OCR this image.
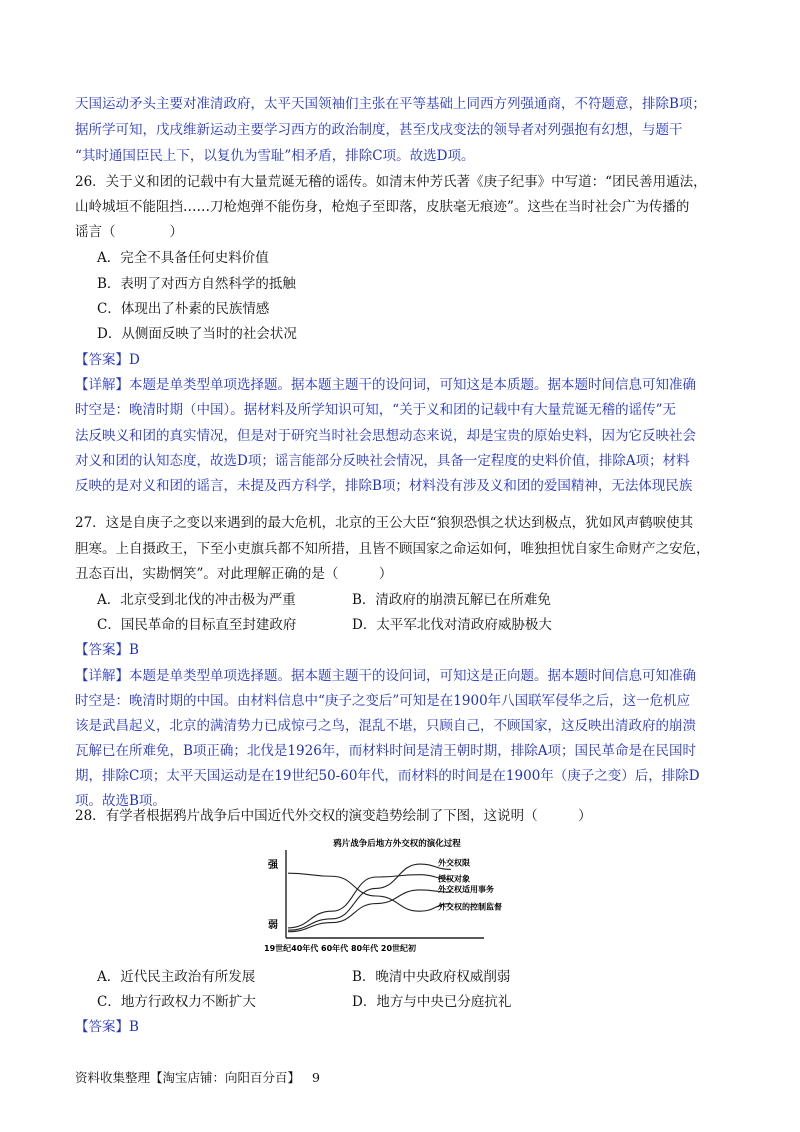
天国运动矛头主要对准清政府，太平天国领袖们主张在平等基础上同西方列强通商，不符题意，排除B项；
据所学可知，戊戌维新运动主要学习西方的政治制度，甚至戊戌变法的领导者对列强抱有幻想，与题干
“其时通国臣民上下，以复仇为雪耻”相矛盾，排除C项。故选D项。
26．关于义和团的记载中有大量荒诞无稽的谣传。如清末仲芳氏著《庚子纪事》中写道：“团民善用遁法，
山岭城垣不能阻挡……刀枪炮弹不能伤身，枪炮子至即落，皮肤毫无痕迹”。这些在当时社会广为传播的
谣言（　　　　）
A．完全不具备任何史料价值
B．表明了对西方自然科学的抵触
C．体现出了朴素的民族情感
D．从侧面反映了当时的社会状况
【答案】D
【详解】本题是单类型单项选择题。据本题主题干的设问词，可知这是本质题。据本题时间信息可知准确
时空是：晚清时期（中国）。据材料及所学知识可知，“关于义和团的记载中有大量荒诞无稽的谣传”无
法反映义和团的真实情况，但是对于研究当时社会思想动态来说，却是宝贵的原始史料，因为它反映社会
对义和团的认知态度，故选D项；谣言能部分反映社会情况，具备一定程度的史料价值，排除A项；材料
反映的是对义和团的谣言，未提及西方科学，排除B项；材料没有涉及义和团的爱国精神，无法体现民族
27．这是自庚子之变以来遇到的最大危机，北京的王公大臣“狼狈恐惧之状达到极点，犹如风声鹤唳使其
胆寒。上自摄政王，下至小吏旗兵都不知所措，且皆不顾国家之命运如何，唯独担忧自家生命财产之安危，
丑态百出，实勘惘笑”。对此理解正确的是（　　　）
A．北京受到北伐的冲击极为严重	B．清政府的崩溃瓦解已在所难免
C．国民革命的目标直至封建政府	D．太平军北伐对清政府威胁极大
【答案】B
【详解】本题是单类型单项选择题。据本题主题干的设问词，可知这是正向题。据本题时间信息可知准确
时空是：晚清时期的中国。由材料信息中“庚子之变后”可知是在1900年八国联军侵华之后，这一危机应
该是武昌起义，北京的满清势力已成惊弓之鸟，混乱不堪，只顾自己，不顾国家，这反映出清政府的崩溃
瓦解已在所难免，B项正确；北伐是1926年，而材料时间是清王朝时期，排除A项；国民革命是在民国时
期，排除C项；太平天国运动是在19世纪50-60年代，而材料的时间是在1900年（庚子之变）后，排除D
项。故选B项。
28．有学者根据鸦片战争后中国近代外交权的演变趋势绘制了下图，这说明（　　　）
鸦片战争后地方外交权的演化过程
强
弱
外交权限
授权对象
外交权适用事务
外交权的控制监督
19世纪40年代 60年代 80年代 20世纪初
A．近代民主政治有所发展	B．晚清中央政府权威削弱
C．地方行政权力不断扩大	D．地方与中央已分庭抗礼
【答案】B
资料收集整理【淘宝店铺：向阳百分百】 9
